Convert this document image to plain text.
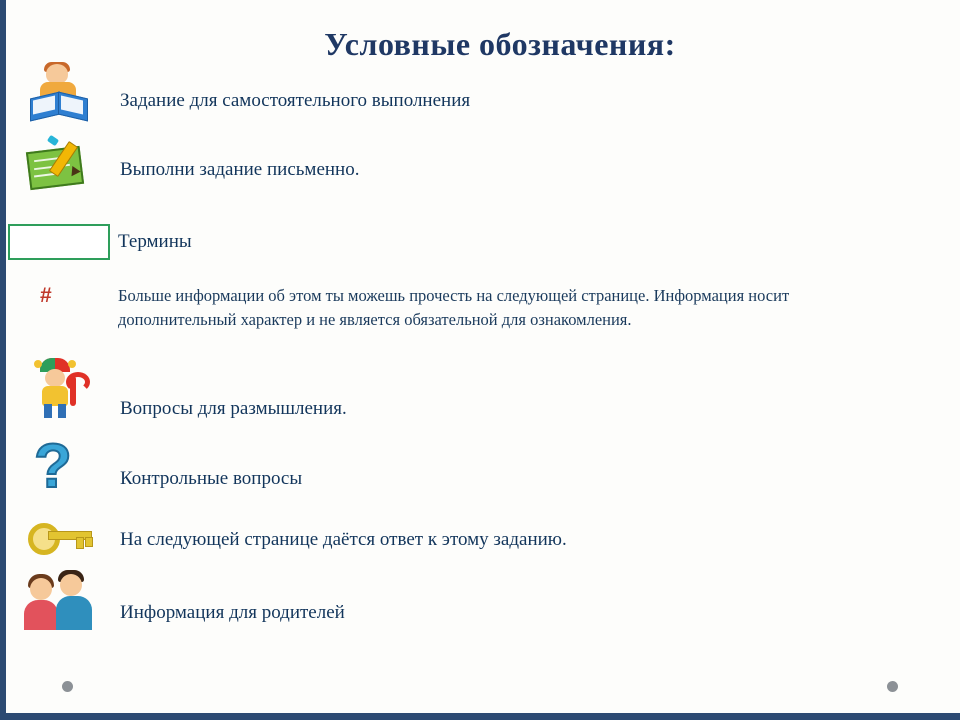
Условные обозначения:
Задание для самостоятельного выполнения
Выполни задание письменно.
Термины
#	Больше информации об этом ты можешь прочесть на следующей странице. Информация носит дополнительный характер и не является обязательной для ознакомления.
Вопросы для размышления.
?	Контрольные вопросы
На следующей странице даётся ответ к этому заданию.
Информация для родителей
